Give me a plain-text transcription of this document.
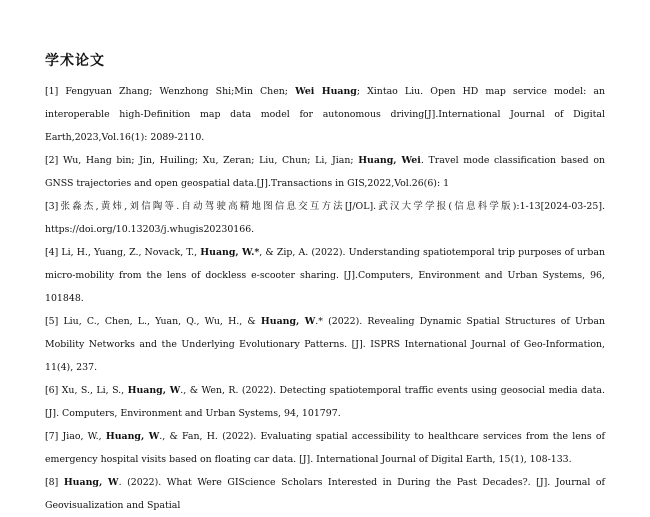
学术论文

[1] Fengyuan Zhang; Wenzhong Shi;Min Chen; Wei Huang; Xintao Liu. Open HD map service model: an interoperable high-Definition map data model for autonomous driving[J].International Journal of Digital Earth,2023,Vol.16(1): 2089-2110.

[2] Wu, Hang bin; Jin, Huiling; Xu, Zeran; Liu, Chun; Li, Jian; Huang, Wei. Travel mode classification based on GNSS trajectories and open geospatial data.[J].Transactions in GIS,2022,Vol.26(6): 1

[3]张淼杰,黄炜,刘信陶等.自动驾驶高精地图信息交互方法[J/OL].武汉大学学报(信息科学版):1-13[2024-03-25]. https://doi.org/10.13203/j.whugis20230166.

[4] Li, H., Yuang, Z., Novack, T., Huang, W.*, & Zip, A. (2022). Understanding spatiotemporal trip purposes of urban micro-mobility from the lens of dockless e-scooter sharing. [J].Computers, Environment and Urban Systems, 96, 101848.

[5] Liu, C., Chen, L., Yuan, Q., Wu, H., & Huang, W.* (2022). Revealing Dynamic Spatial Structures of Urban Mobility Networks and the Underlying Evolutionary Patterns. [J]. ISPRS International Journal of Geo-Information, 11(4), 237.

[6] Xu, S., Li, S., Huang, W., & Wen, R. (2022). Detecting spatiotemporal traffic events using geosocial media data. [J]. Computers, Environment and Urban Systems, 94, 101797.

[7] Jiao, W., Huang, W., & Fan, H. (2022). Evaluating spatial accessibility to healthcare services from the lens of emergency hospital visits based on floating car data. [J]. International Journal of Digital Earth, 15(1), 108-133.

[8] Huang, W. (2022). What Were GIScience Scholars Interested in During the Past Decades?. [J]. Journal of Geovisualization and Spatial
